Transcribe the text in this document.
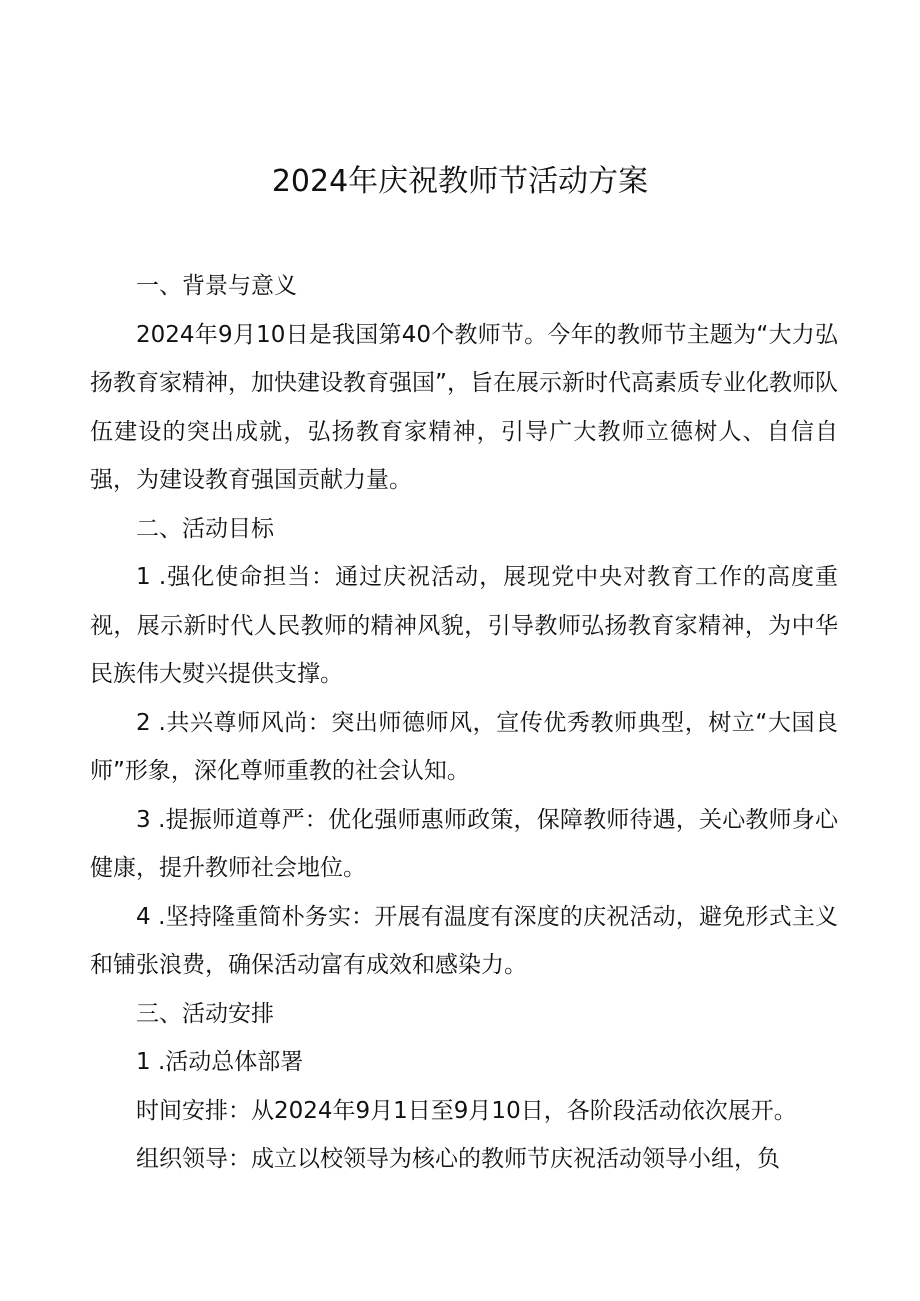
2024年庆祝教师节活动方案

一、背景与意义

2024年9月10日是我国第40个教师节。今年的教师节主题为“大力弘扬教育家精神，加快建设教育强国”，旨在展示新时代高素质专业化教师队伍建设的突出成就，弘扬教育家精神，引导广大教师立德树人、自信自强，为建设教育强国贡献力量。

二、活动目标

1 .强化使命担当：通过庆祝活动，展现党中央对教育工作的高度重视，展示新时代人民教师的精神风貌，引导教师弘扬教育家精神，为中华民族伟大熨兴提供支撑。

2 .共兴尊师风尚：突出师德师风，宣传优秀教师典型，树立“大国良师”形象，深化尊师重教的社会认知。

3 .提振师道尊严：优化强师惠师政策，保障教师待遇，关心教师身心健康，提升教师社会地位。

4 .坚持隆重简朴务实：开展有温度有深度的庆祝活动，避免形式主义和铺张浪费，确保活动富有成效和感染力。

三、活动安排

1 .活动总体部署

时间安排：从2024年9月1日至9月10日，各阶段活动依次展开。

组织领导：成立以校领导为核心的教师节庆祝活动领导小组，负
